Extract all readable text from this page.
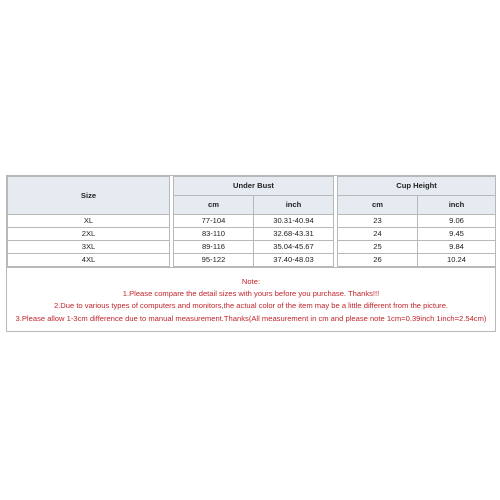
Size		Under Bust			Cup Height	
		cm	inch		cm	inch
XL		77-104	30.31-40.94		23	9.06
2XL		83-110	32.68-43.31		24	9.45
3XL		89-116	35.04-45.67		25	9.84
4XL		95-122	37.40-48.03		26	10.24
Note:
1.Please compare the detail sizes with yours before you purchase. Thanks!!!
2.Due to various types of computers and monitors,the actual color of the item may be a little different from the picture.
3.Please allow 1-3cm difference due to manual measurement.Thanks(All measurement in cm and please note 1cm=0.39inch 1inch=2.54cm)
